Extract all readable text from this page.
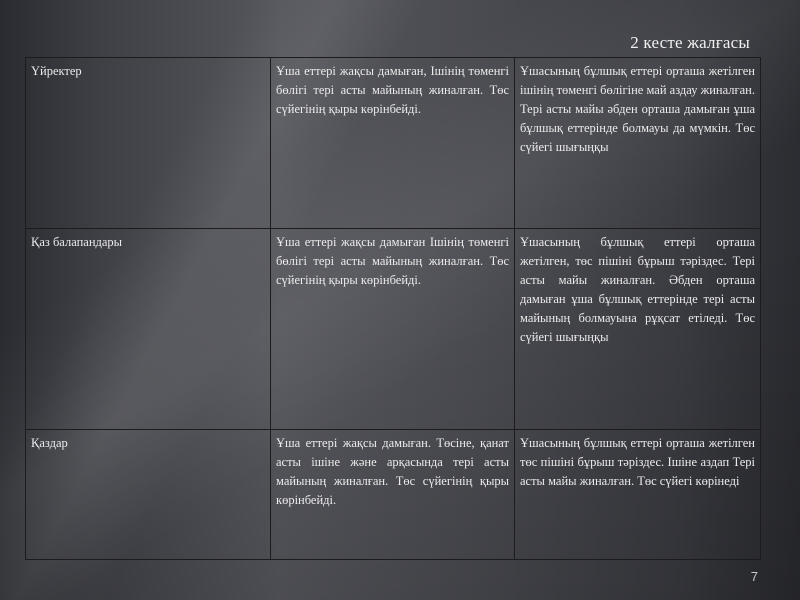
2 кесте жалғасы
Үйректер	Ұша еттері жақсы дамыған, Ішінің төменгі бөлігі тері асты майының жиналған. Төс сүйегінің қыры көрінбейді.	Ұшасының бұлшық еттері орташа жетілген ішінің төменгі бөлігіне май аздау жиналған. Тері асты майы әбден орташа дамыған ұша бұлшық еттерінде болмауы да мүмкін. Төс сүйегі шығыңқы
Қаз балапандары	Ұша еттері жақсы дамыған Ішінің төменгі бөлігі тері асты майының жиналған. Төс сүйегінің қыры көрінбейді.	Ұшасының бұлшық еттері орташа жетілген, төс пішіні бұрыш тәріздес. Тері асты майы жиналған. Әбден орташа дамыған ұша бұлшық еттерінде тері асты майының болмауына рұқсат етіледі. Төс сүйегі шығыңқы
Қаздар	Ұша еттері жақсы дамыған. Төсіне, қанат асты ішіне және арқасында тері асты майының жиналған. Төс сүйегінің қыры көрінбейді.	Ұшасының бұлшық еттері орташа жетілген төс пішіні бұрыш тәріздес. Ішіне аздап Тері асты майы жиналған. Төс сүйегі көрінеді
7
